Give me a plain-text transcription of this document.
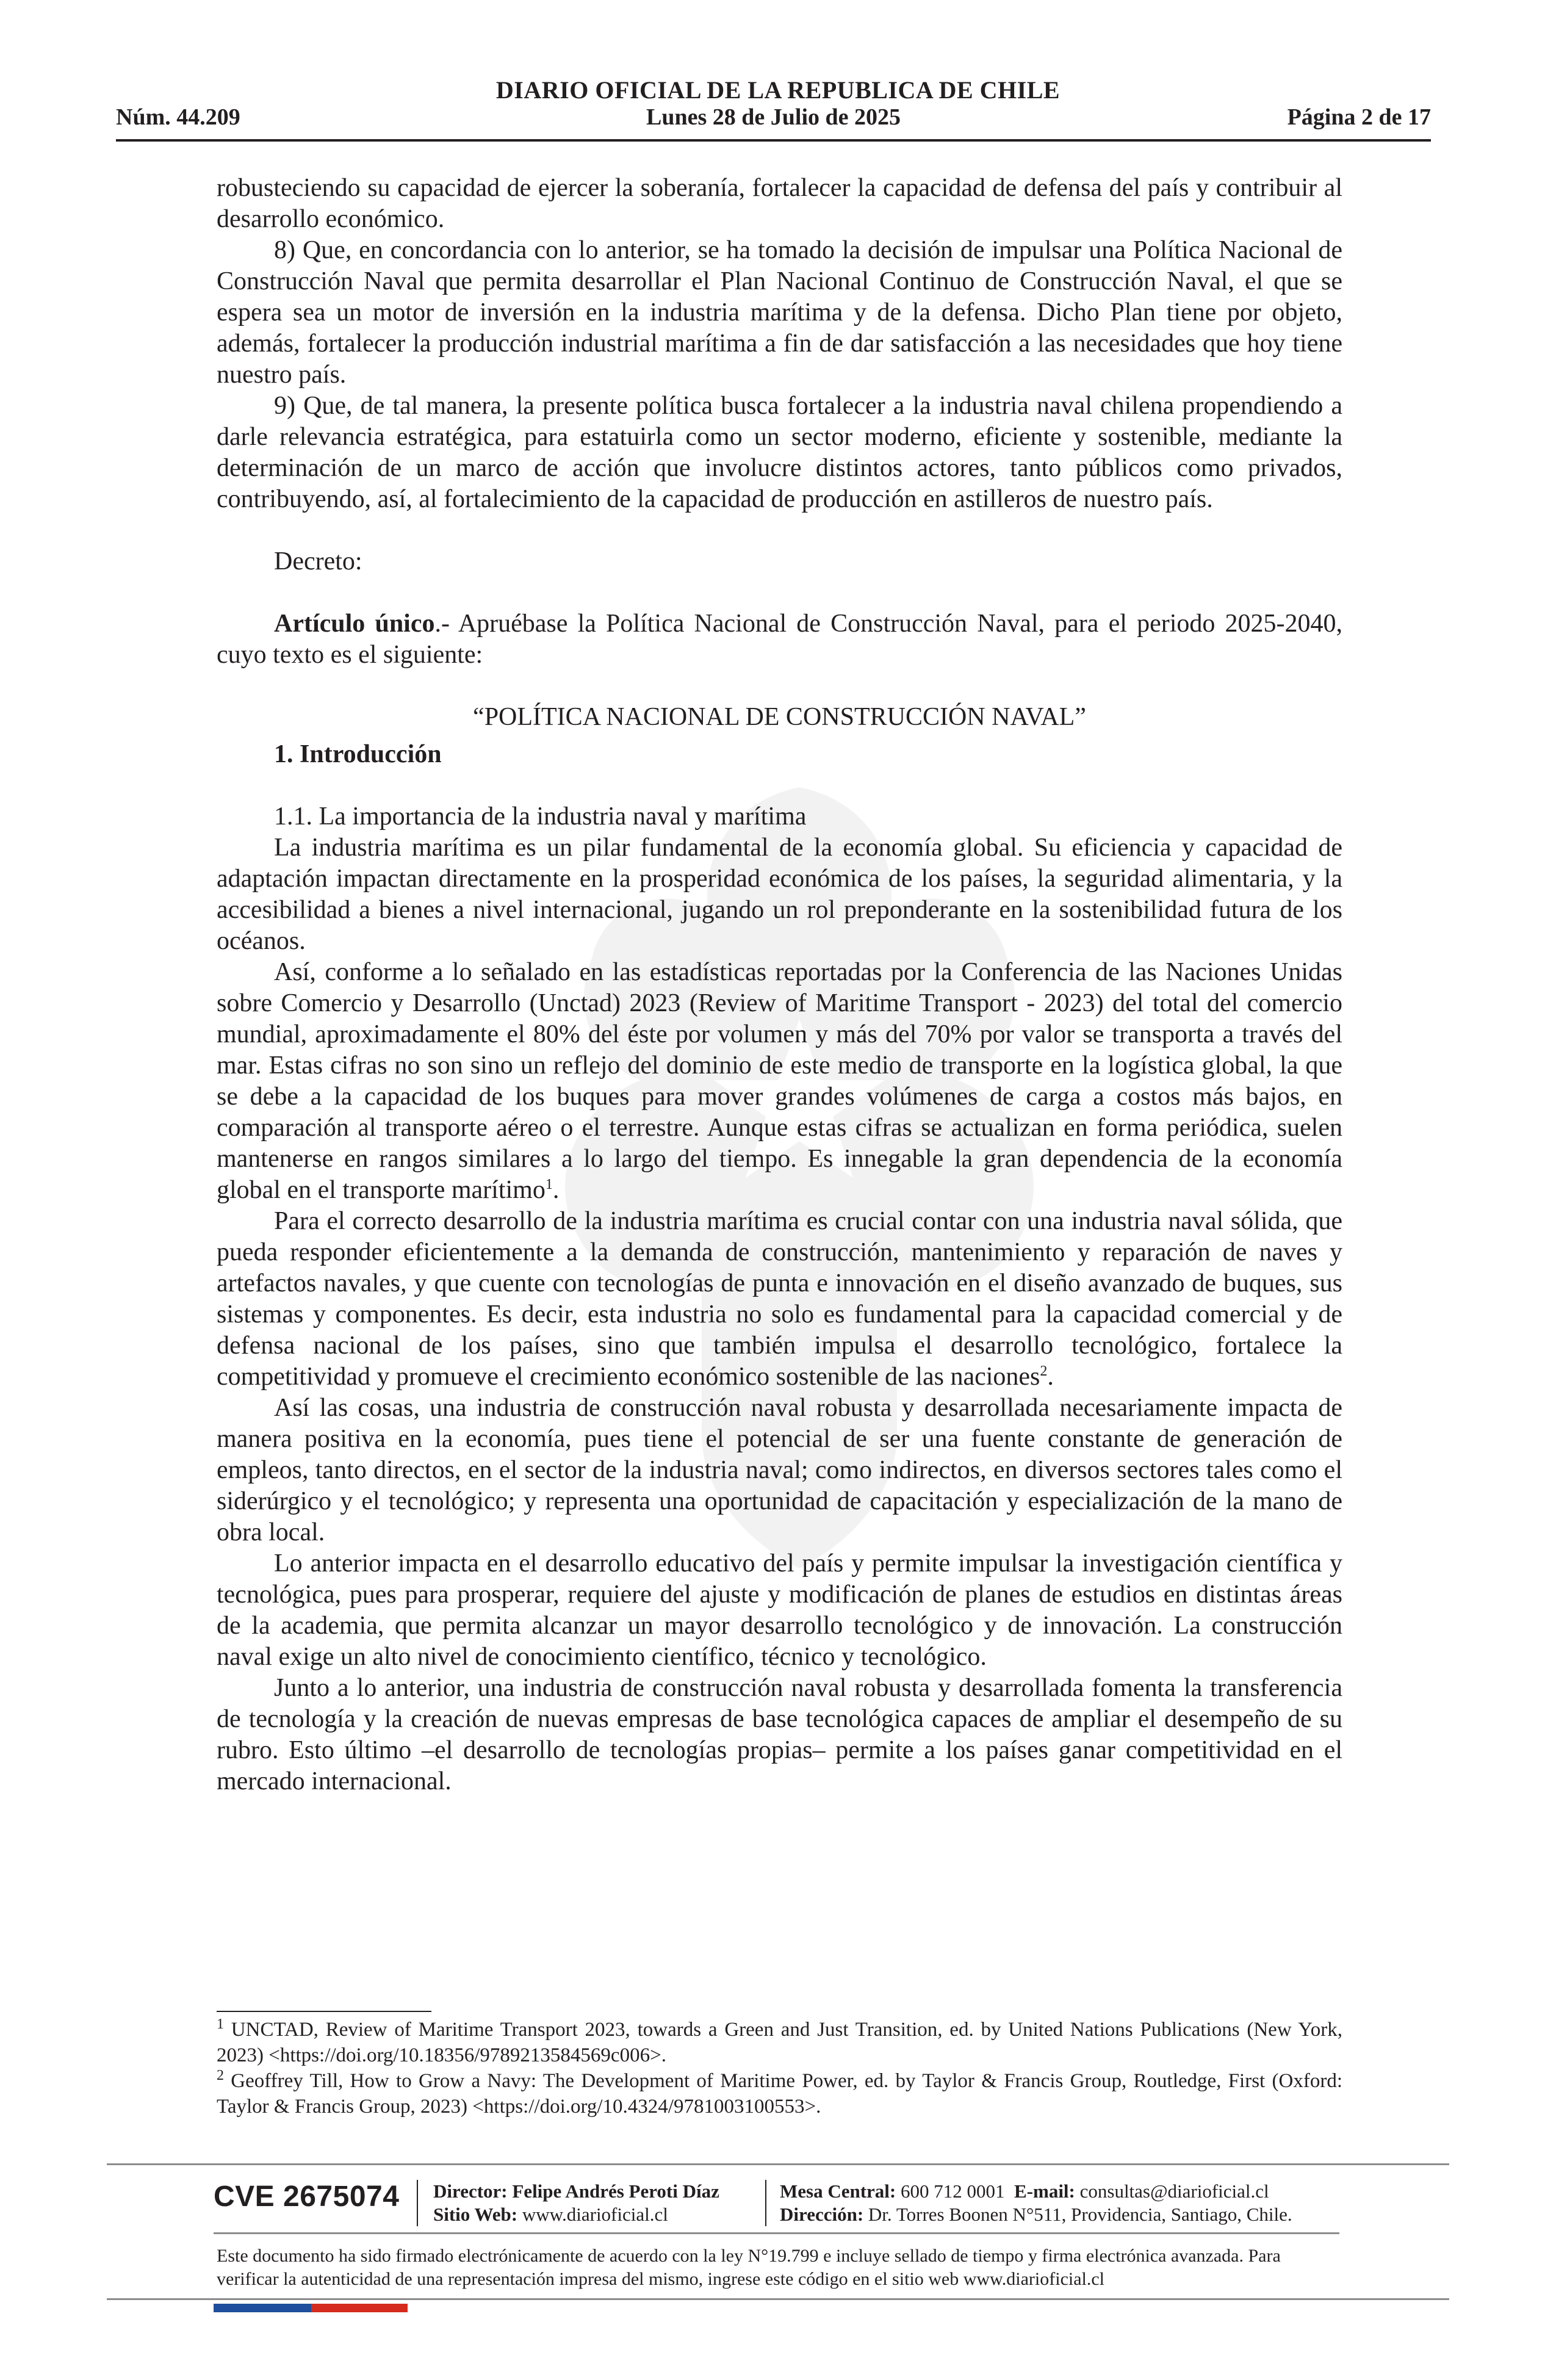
DIARIO OFICIAL DE LA REPUBLICA DE CHILE
Lunes 28 de Julio de 2025
Núm. 44.209	Página 2 de 17

robusteciendo su capacidad de ejercer la soberanía, fortalecer la capacidad de defensa del país y contribuir al desarrollo económico.

8) Que, en concordancia con lo anterior, se ha tomado la decisión de impulsar una Política Nacional de Construcción Naval que permita desarrollar el Plan Nacional Continuo de Construcción Naval, el que se espera sea un motor de inversión en la industria marítima y de la defensa. Dicho Plan tiene por objeto, además, fortalecer la producción industrial marítima a fin de dar satisfacción a las necesidades que hoy tiene nuestro país.

9) Que, de tal manera, la presente política busca fortalecer a la industria naval chilena propendiendo a darle relevancia estratégica, para estatuirla como un sector moderno, eficiente y sostenible, mediante la determinación de un marco de acción que involucre distintos actores, tanto públicos como privados, contribuyendo, así, al fortalecimiento de la capacidad de producción en astilleros de nuestro país.

Decreto:

Artículo único.- Apruébase la Política Nacional de Construcción Naval, para el periodo 2025-2040, cuyo texto es el siguiente:

“POLÍTICA NACIONAL DE CONSTRUCCIÓN NAVAL”

1. Introducción

1.1. La importancia de la industria naval y marítima

La industria marítima es un pilar fundamental de la economía global. Su eficiencia y capacidad de adaptación impactan directamente en la prosperidad económica de los países, la seguridad alimentaria, y la accesibilidad a bienes a nivel internacional, jugando un rol preponderante en la sostenibilidad futura de los océanos.

Así, conforme a lo señalado en las estadísticas reportadas por la Conferencia de las Naciones Unidas sobre Comercio y Desarrollo (Unctad) 2023 (Review of Maritime Transport - 2023) del total del comercio mundial, aproximadamente el 80% del éste por volumen y más del 70% por valor se transporta a través del mar. Estas cifras no son sino un reflejo del dominio de este medio de transporte en la logística global, la que se debe a la capacidad de los buques para mover grandes volúmenes de carga a costos más bajos, en comparación al transporte aéreo o el terrestre. Aunque estas cifras se actualizan en forma periódica, suelen mantenerse en rangos similares a lo largo del tiempo. Es innegable la gran dependencia de la economía global en el transporte marítimo$^1$.

Para el correcto desarrollo de la industria marítima es crucial contar con una industria naval sólida, que pueda responder eficientemente a la demanda de construcción, mantenimiento y reparación de naves y artefactos navales, y que cuente con tecnologías de punta e innovación en el diseño avanzado de buques, sus sistemas y componentes. Es decir, esta industria no solo es fundamental para la capacidad comercial y de defensa nacional de los países, sino que también impulsa el desarrollo tecnológico, fortalece la competitividad y promueve el crecimiento económico sostenible de las naciones$^2$.

Así las cosas, una industria de construcción naval robusta y desarrollada necesariamente impacta de manera positiva en la economía, pues tiene el potencial de ser una fuente constante de generación de empleos, tanto directos, en el sector de la industria naval; como indirectos, en diversos sectores tales como el siderúrgico y el tecnológico; y representa una oportunidad de capacitación y especialización de la mano de obra local.

Lo anterior impacta en el desarrollo educativo del país y permite impulsar la investigación científica y tecnológica, pues para prosperar, requiere del ajuste y modificación de planes de estudios en distintas áreas de la academia, que permita alcanzar un mayor desarrollo tecnológico y de innovación. La construcción naval exige un alto nivel de conocimiento científico, técnico y tecnológico.

Junto a lo anterior, una industria de construcción naval robusta y desarrollada fomenta la transferencia de tecnología y la creación de nuevas empresas de base tecnológica capaces de ampliar el desempeño de su rubro. Esto último –el desarrollo de tecnologías propias– permite a los países ganar competitividad en el mercado internacional.

$^1$ UNCTAD, Review of Maritime Transport 2023, towards a Green and Just Transition, ed. by United Nations Publications (New York, 2023) <https://doi.org/10.18356/9789213584569c006>.

$^2$ Geoffrey Till, How to Grow a Navy: The Development of Maritime Power, ed. by Taylor & Francis Group, Routledge, First (Oxford: Taylor & Francis Group, 2023) <https://doi.org/10.4324/9781003100553>.

CVE 2675074 Director: Felipe Andrés Peroti Díaz
Sitio Web: www.diarioficial.cl
Mesa Central: 600 712 0001 E-mail: consultas@diarioficial.cl
Dirección: Dr. Torres Boonen N°511, Providencia, Santiago, Chile.
Este documento ha sido firmado electrónicamente de acuerdo con la ley N°19.799 e incluye sellado de tiempo y firma electrónica avanzada. Para verificar la autenticidad de una representación impresa del mismo, ingrese este código en el sitio web www.diarioficial.cl
